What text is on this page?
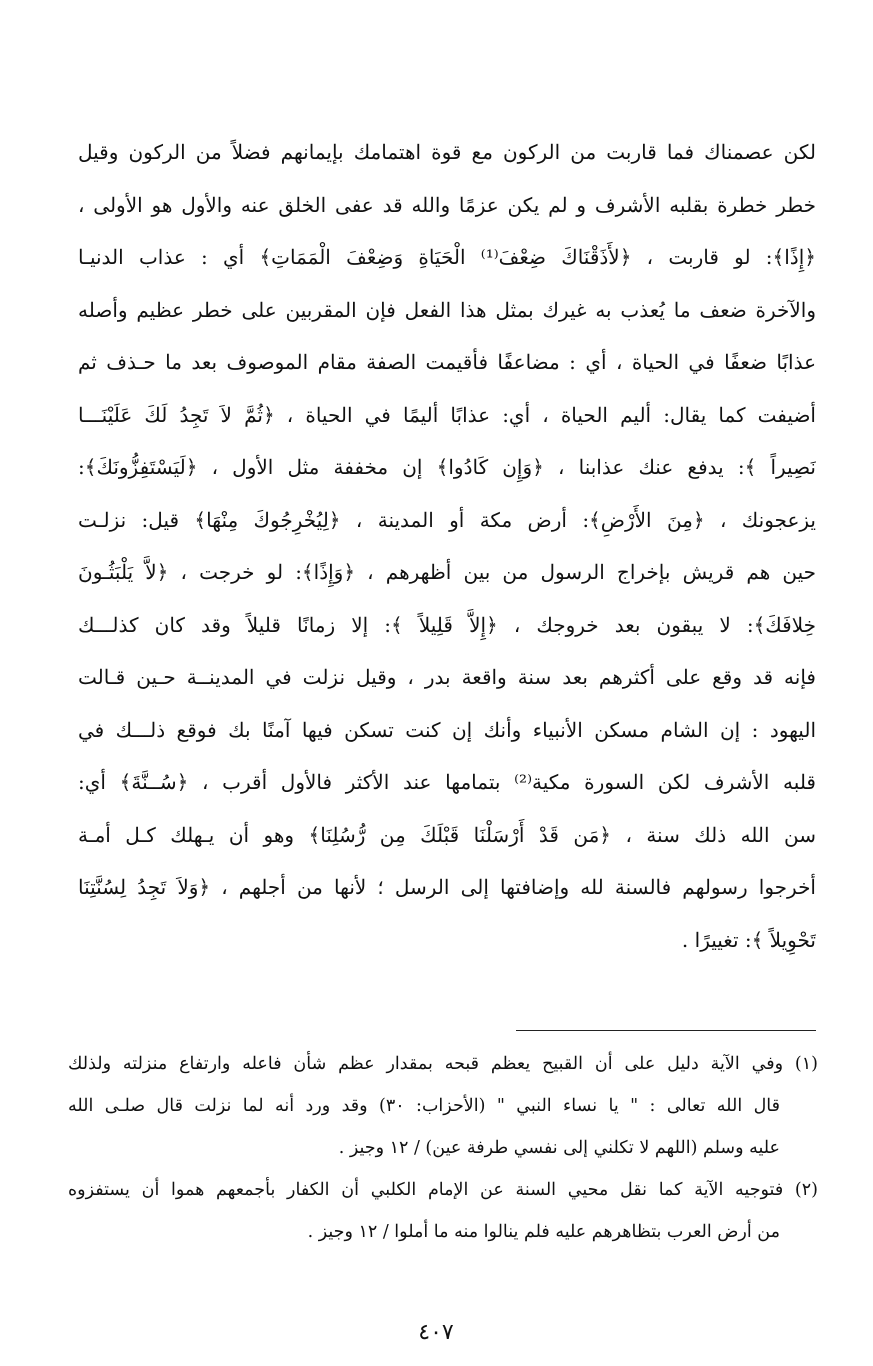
لكن عصمناك فما قاربت من الركون مع قوة اهتمامك بإيمانهم فضلاً من الركون وقيل
خطر خطرة بقلبه الأشرف و لم يكن عزمًا والله قد عفى الخلق عنه والأول هو الأولى ،
﴿إِذًا﴾: لو قاربت ، ﴿لأَذَقْنَاكَ ضِعْفَ⁽¹⁾ الْحَيَاةِ وَضِعْفَ الْمَمَاتِ﴾ أي : عذاب الدنيـا
والآخرة ضعف ما يُعذب به غيرك بمثل هذا الفعل فإن المقربين على خطر عظيم وأصله
عذابًا ضعفًا في الحياة ، أي : مضاعفًا فأقيمت الصفة مقام الموصوف بعد ما حـذف ثم
أضيفت كما يقال: أليم الحياة ، أي: عذابًا أليمًا في الحياة ، ﴿ثُمَّ لاَ تَجِدُ لَكَ عَلَيْنَـــا
نَصِيراً ﴾: يدفع عنك عذابنا ، ﴿وَإِن كَادُوا﴾ إن مخففة مثل الأول ، ﴿لَيَسْتَفِزُّونَكَ﴾:
يزعجونك ، ﴿مِنَ الأَرْضِ﴾: أرض مكة أو المدينة ، ﴿لِيُخْرِجُوكَ مِنْهَا﴾ قيل: نزلـت
حين هم قريش بإخراج الرسول من بين أظهرهم ، ﴿وَإِذًا﴾: لو خرجت ، ﴿لاَّ يَلْبَثُـونَ
خِلافَكَ﴾: لا يبقون بعد خروجك ، ﴿إِلاَّ قَلِيلاً ﴾: إلا زمانًا قليلاً وقد كان كذلـــك
فإنه قد وقع على أكثرهم بعد سنة واقعة بدر ، وقيل نزلت في المدينــة حـين قـالت
اليهود : إن الشام مسكن الأنبياء وأنك إن كنت تسكن فيها آمنًا بك فوقع ذلـــك في
قلبه الأشرف لكن السورة مكية⁽²⁾ بتمامها عند الأكثر فالأول أقرب ، ﴿سُــنَّةَ﴾ أي:
سن الله ذلك سنة ، ﴿مَن قَدْ أَرْسَلْنَا قَبْلَكَ مِن رُّسُلِنَا﴾ وهو أن يـهلك كـل أمـة
أخرجوا رسولهم فالسنة لله وإضافتها إلى الرسل ؛ لأنها من أجلهم ، ﴿وَلاَ تَجِدُ لِسُنَّتِنَا
تَحْوِيلاً ﴾: تغييرًا .
(١) وفي الآية دليل على أن القبيح يعظم قبحه بمقدار عظم شأن فاعله وارتفاع منزلته ولذلك
قال الله تعالى : " يا نساء النبي " (الأحزاب: ٣٠) وقد ورد أنه لما نزلت قال صلـى الله
عليه وسلم (اللهم لا تكلني إلى نفسي طرفة عين) / ١٢ وجيز .
(٢) فتوجيه الآية كما نقل محيي السنة عن الإمام الكلبي أن الكفار بأجمعهم هموا أن يستفزوه
من أرض العرب بتظاهرهم عليه فلم ينالوا منه ما أملوا / ١٢ وجيز .
٤٠٧
